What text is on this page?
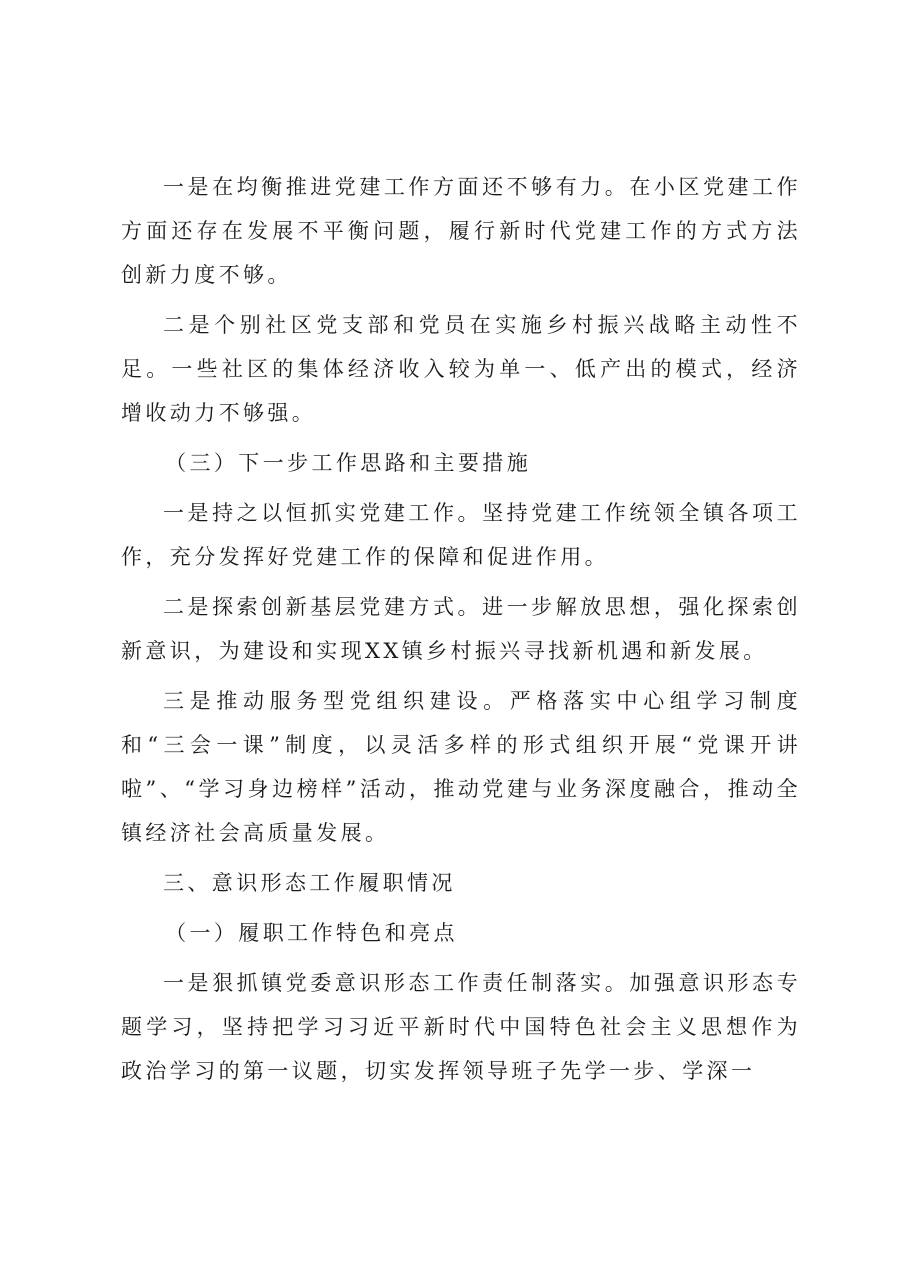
一是在均衡推进党建工作方面还不够有力。在小区党建工作方面还存在发展不平衡问题，履行新时代党建工作的方式方法创新力度不够。

二是个别社区党支部和党员在实施乡村振兴战略主动性不足。一些社区的集体经济收入较为单一、低产出的模式，经济增收动力不够强。

（三）下一步工作思路和主要措施

一是持之以恒抓实党建工作。坚持党建工作统领全镇各项工作，充分发挥好党建工作的保障和促进作用。

二是探索创新基层党建方式。进一步解放思想，强化探索创新意识，为建设和实现XX镇乡村振兴寻找新机遇和新发展。

三是推动服务型党组织建设。严格落实中心组学习制度和“三会一课”制度，以灵活多样的形式组织开展“党课开讲啦”、“学习身边榜样”活动，推动党建与业务深度融合，推动全镇经济社会高质量发展。

三、意识形态工作履职情况

（一）履职工作特色和亮点

一是狠抓镇党委意识形态工作责任制落实。加强意识形态专题学习，坚持把学习习近平新时代中国特色社会主义思想作为政治学习的第一议题，切实发挥领导班子先学一步、学深一
